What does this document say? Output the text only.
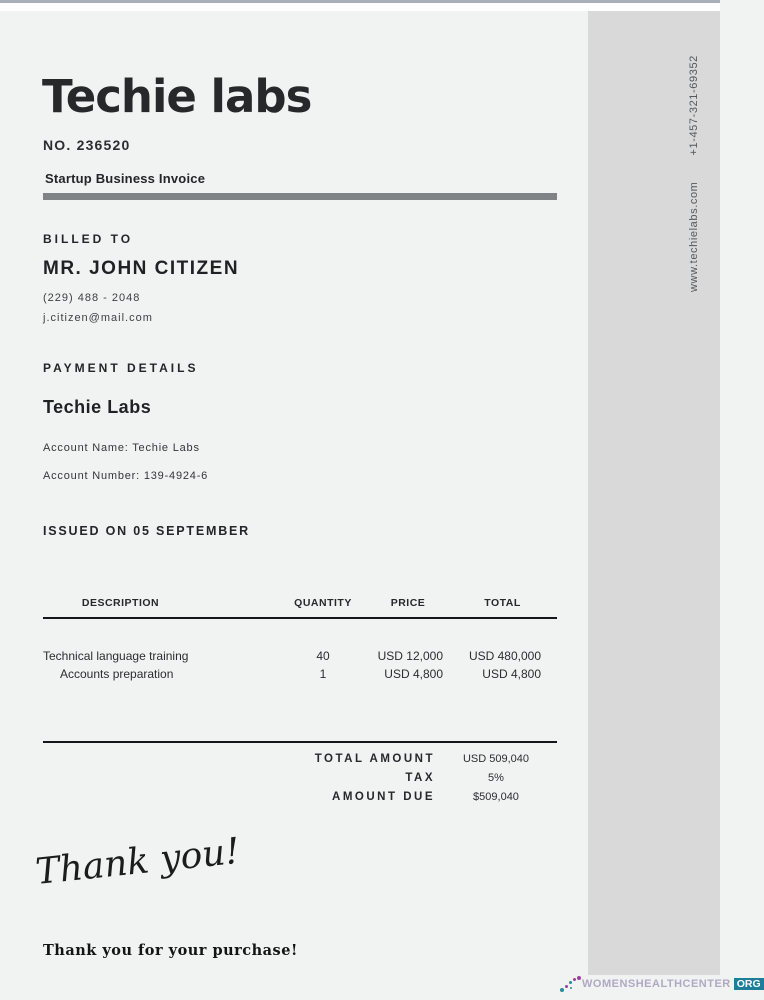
www.techielabs.com+1-457-321-69352
Techie labs
NO. 236520
Startup Business Invoice
BILLED TO
MR. JOHN CITIZEN
(229) 488 - 2048
j.citizen@mail.com
PAYMENT DETAILS
Techie Labs
Account Name: Techie Labs
Account Number: 139-4924-6
ISSUED ON 05 SEPTEMBER
DESCRIPTION	QUANTITY	PRICE	TOTAL
Technical language training	40	USD 12,000	USD 480,000
Accounts preparation	1	USD 4,800	USD 4,800
TOTAL AMOUNT	USD 509,040
TAX	5%
AMOUNT DUE	$509,040
Thank you!
Thank you for your purchase!
WOMENSHEALTHCENTER ORG
